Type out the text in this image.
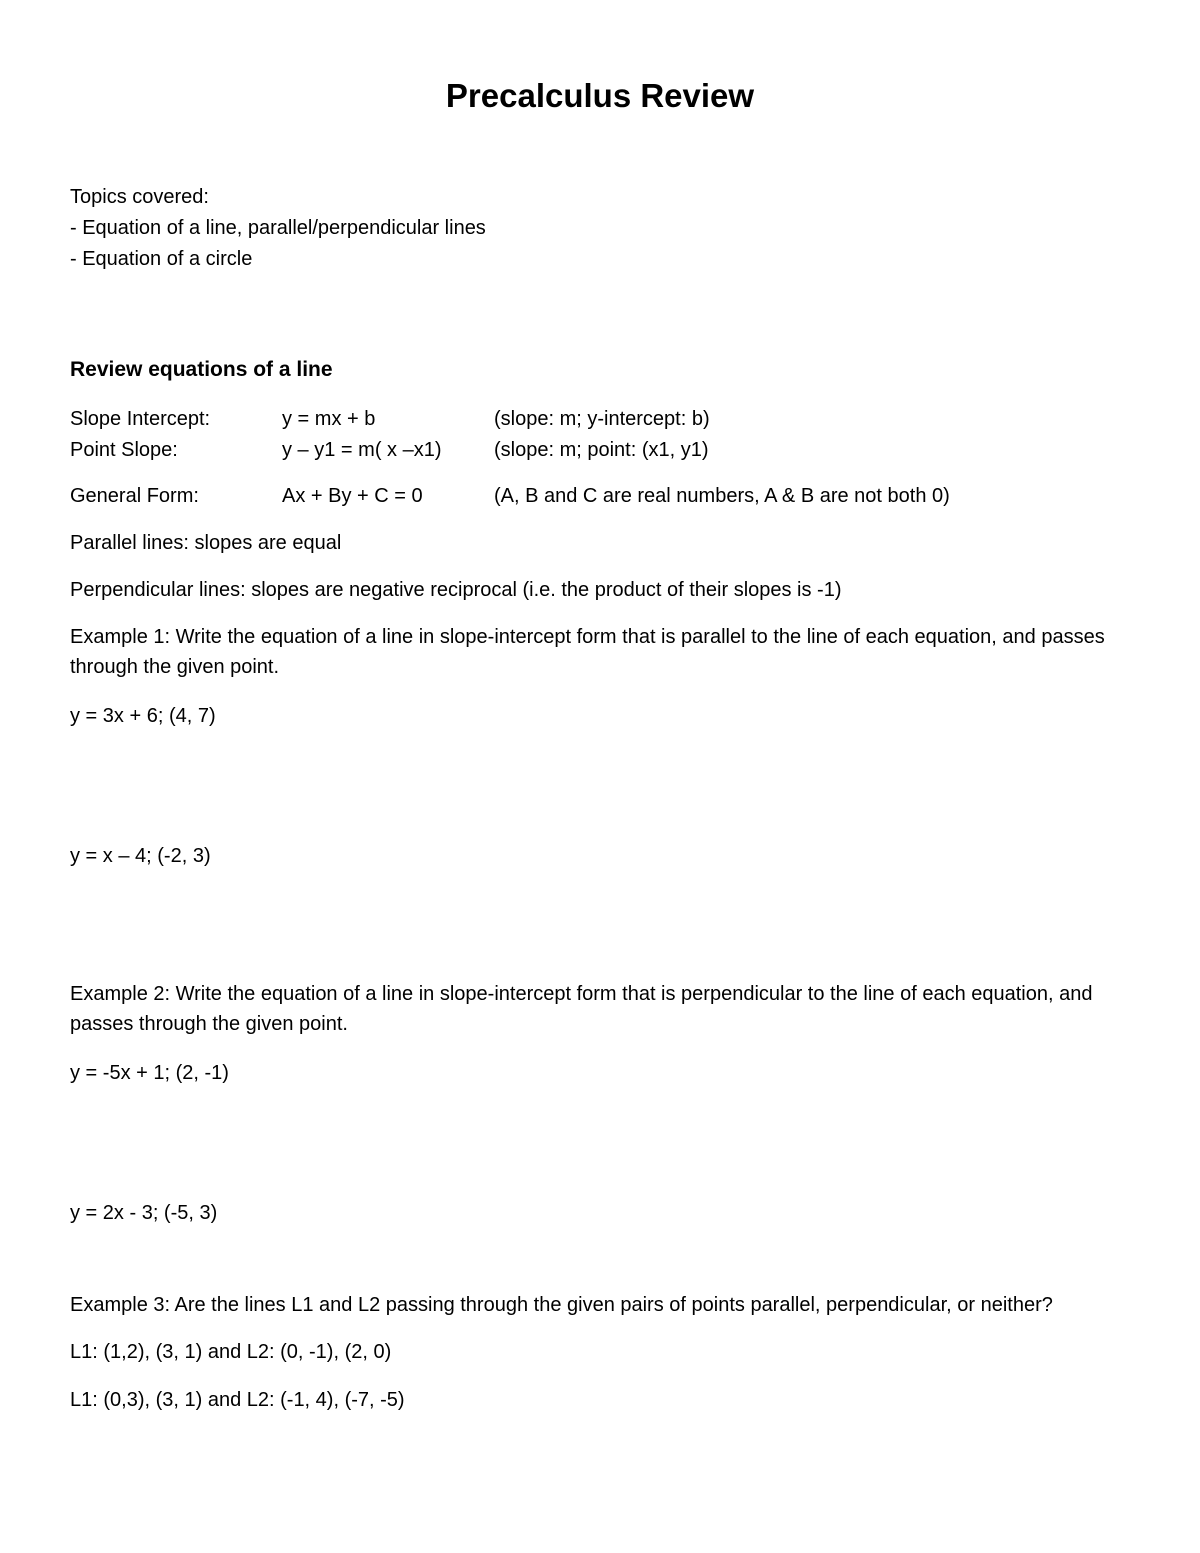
Precalculus Review

Topics covered:

- Equation of a line, parallel/perpendicular lines

- Equation of a circle

Review equations of a line

Slope Intercept:	y = mx + b	(slope: m; y-intercept: b)

Point Slope:	y – y1 = m( x –x1)	(slope: m; point: (x1, y1)

General Form:	Ax + By + C = 0	(A, B and C are real numbers, A & B are not both 0)

Parallel lines: slopes are equal

Perpendicular lines: slopes are negative reciprocal (i.e. the product of their slopes is -1)

Example 1: Write the equation of a line in slope-intercept form that is parallel to the line of each equation, and passes through the given point.

y = 3x + 6; (4, 7)

y = x – 4; (-2, 3)

Example 2: Write the equation of a line in slope-intercept form that is perpendicular to the line of each equation, and passes through the given point.

y = -5x + 1; (2, -1)

y = 2x - 3; (-5, 3)

Example 3: Are the lines L1 and L2 passing through the given pairs of points parallel, perpendicular, or neither?

L1: (1,2), (3, 1) and L2: (0, -1), (2, 0)

L1: (0,3), (3, 1) and L2: (-1, 4), (-7, -5)
